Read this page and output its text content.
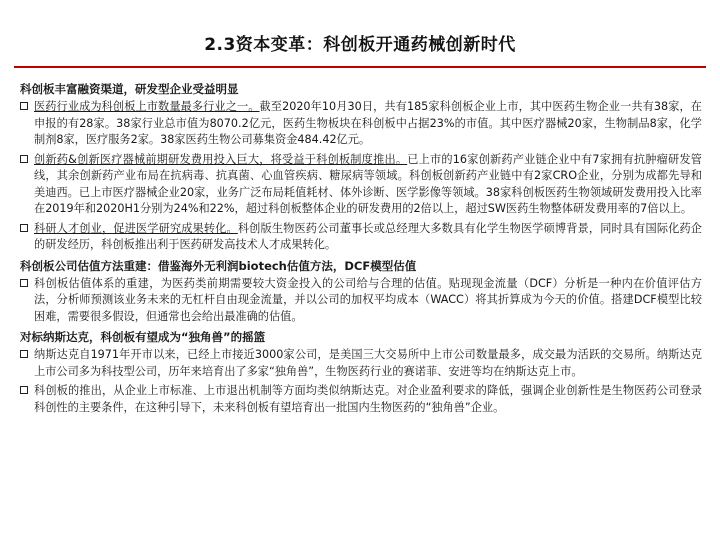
2.3资本变革：科创板开通药械创新时代
科创板丰富融资渠道，研发型企业受益明显
医药行业成为科创板上市数量最多行业之一。截至2020年10月30日，共有185家科创板企业上市，其中医药生物企业一共有38家，在申报的有28家。38家行业总市值为8070.2亿元，医药生物板块在科创板中占据23%的市值。其中医疗器械20家，生物制品8家，化学制剂8家，医疗服务2家。38家医药生物公司募集资金484.42亿元。
创新药&创新医疗器械前期研发费用投入巨大，将受益于科创板制度推出。已上市的16家创新药产业链企业中有7家拥有抗肿瘤研发管线，其余创新药产业布局在抗病毒、抗真菌、心血管疾病、糖尿病等领域。科创板创新药产业链中有2家CRO企业，分别为成都先导和美迪西。已上市医疗器械企业20家，业务广泛布局耗值耗材、体外诊断、医学影像等领域。38家科创板医药生物领域研发费用投入比率在2019年和2020H1分别为24%和22%，超过科创板整体企业的研发费用的2倍以上，超过SW医药生物整体研发费用率的7倍以上。
科研人才创业，促进医学研究成果转化。科创版生物医药公司董事长或总经理大多数具有化学生物医学硕博背景，同时具有国际化药企的研发经历，科创板推出利于医药研发高技术人才成果转化。
科创板公司估值方法重建：借鉴海外无利润biotech估值方法，DCF模型估值
科创板估值体系的重建，为医药类前期需要较大资金投入的公司给与合理的估值。贴现现金流量（DCF）分析是一种内在价值评估方法，分析师预测该业务未来的无杠杆自由现金流量，并以公司的加权平均成本（WACC）将其折算成为今天的价值。搭建DCF模型比较困难，需要很多假设，但通常也会给出最准确的估值。
对标纳斯达克，科创板有望成为“独角兽”的摇篮
纳斯达克自1971年开市以来，已经上市接近3000家公司，是美国三大交易所中上市公司数量最多，成交最为活跃的交易所。纳斯达克上市公司多为科技型公司，历年来培育出了多家“独角兽”，生物医药行业的赛诺菲、安进等均在纳斯达克上市。
科创板的推出，从企业上市标准、上市退出机制等方面均类似纳斯达克。对企业盈利要求的降低，强调企业创新性是生物医药公司登录科创性的主要条件，在这种引导下，未来科创板有望培育出一批国内生物医药的“独角兽”企业。
